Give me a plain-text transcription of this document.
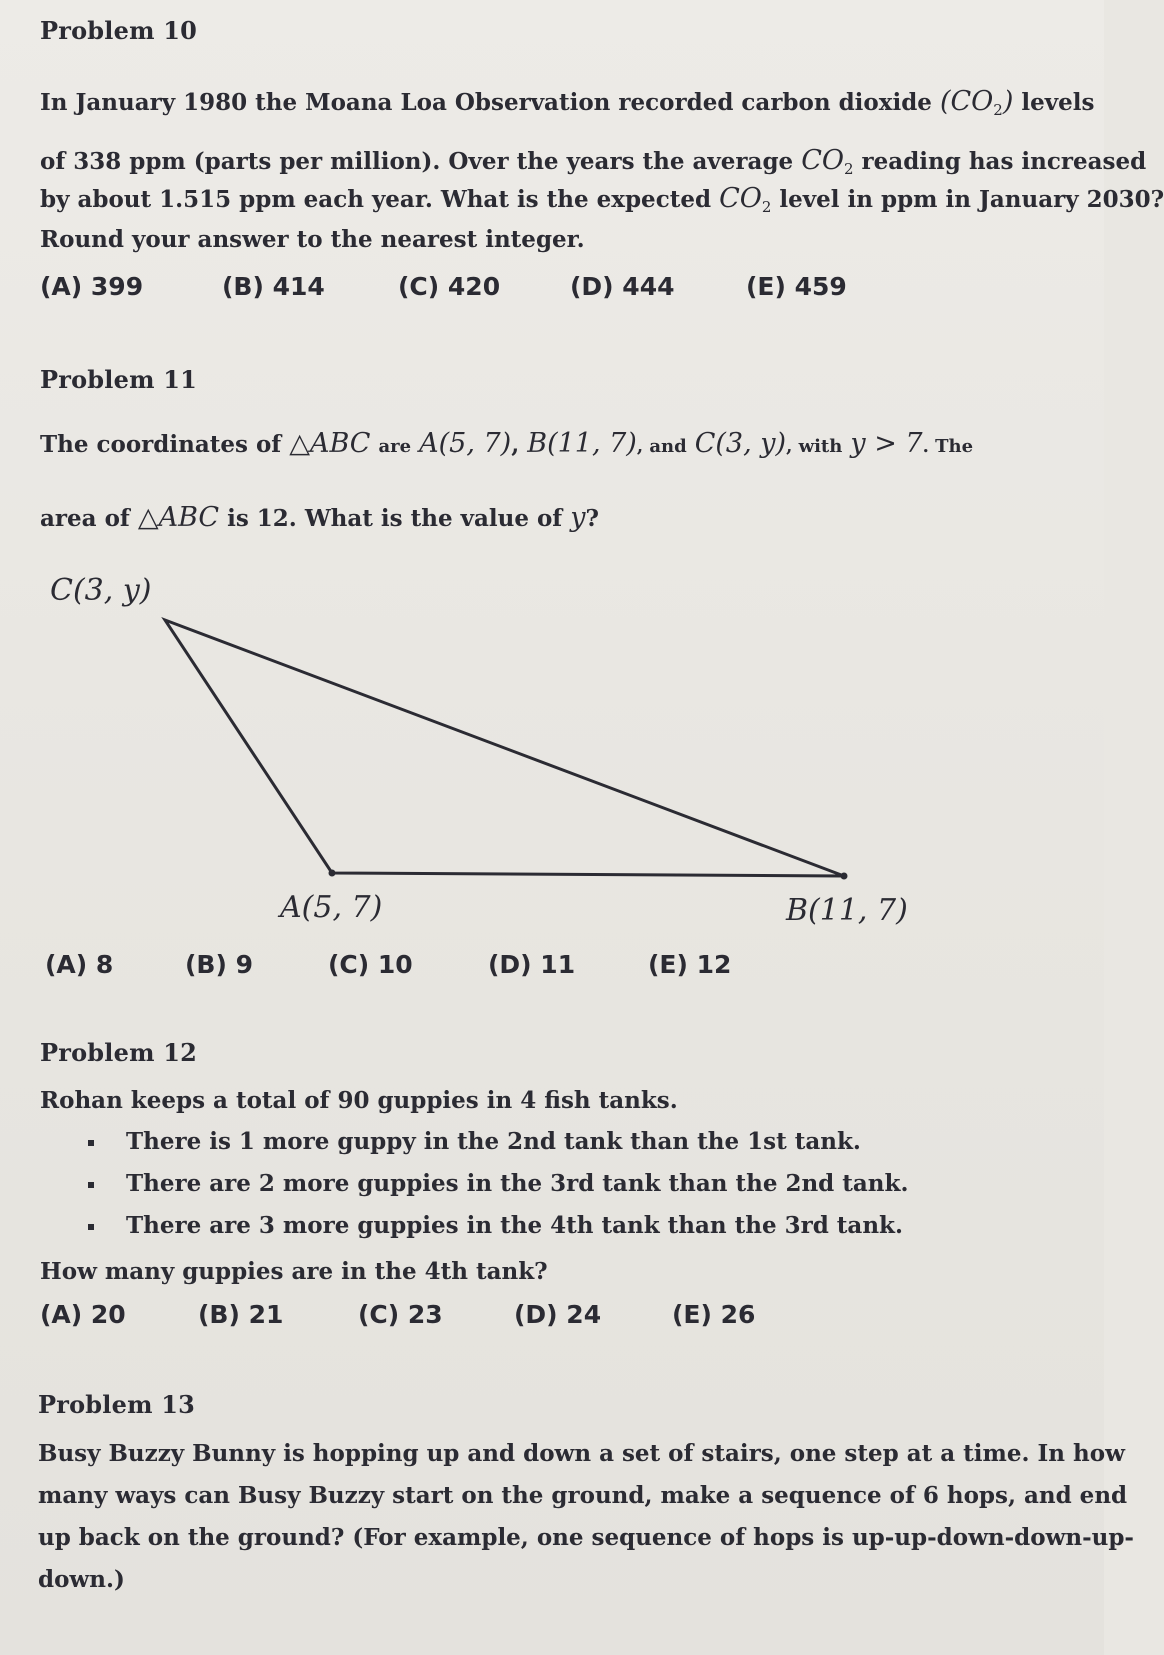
Problem 10
In January 1980 the Moana Loa Observation recorded carbon dioxide $(CO_2)$ levels
of 338 ppm (parts per million). Over the years the average $CO_2$ reading has increased
by about 1.515 ppm each year. What is the expected $CO_2$ level in ppm in January 2030?
Round your answer to the nearest integer.
(A) 399	(B) 414	(C) 420	(D) 444	(E) 459
Problem 11
The coordinates of △ABC are A(5, 7), B(11, 7), and C(3, y), with y > 7. The
area of △ABC is 12. What is the value of y?
C(3, y)
A(5, 7)	B(11, 7)
(A) 8	(B) 9	(C) 10	(D) 11	(E) 12
Problem 12
Rohan keeps a total of 90 guppies in 4 fish tanks.
There is 1 more guppy in the 2nd tank than the 1st tank.
There are 2 more guppies in the 3rd tank than the 2nd tank.
There are 3 more guppies in the 4th tank than the 3rd tank.
How many guppies are in the 4th tank?
(A) 20	(B) 21	(C) 23	(D) 24	(E) 26
Problem 13
Busy Buzzy Bunny is hopping up and down a set of stairs, one step at a time. In how
many ways can Busy Buzzy start on the ground, make a sequence of 6 hops, and end
up back on the ground? (For example, one sequence of hops is up-up-down-down-up-
down.)
